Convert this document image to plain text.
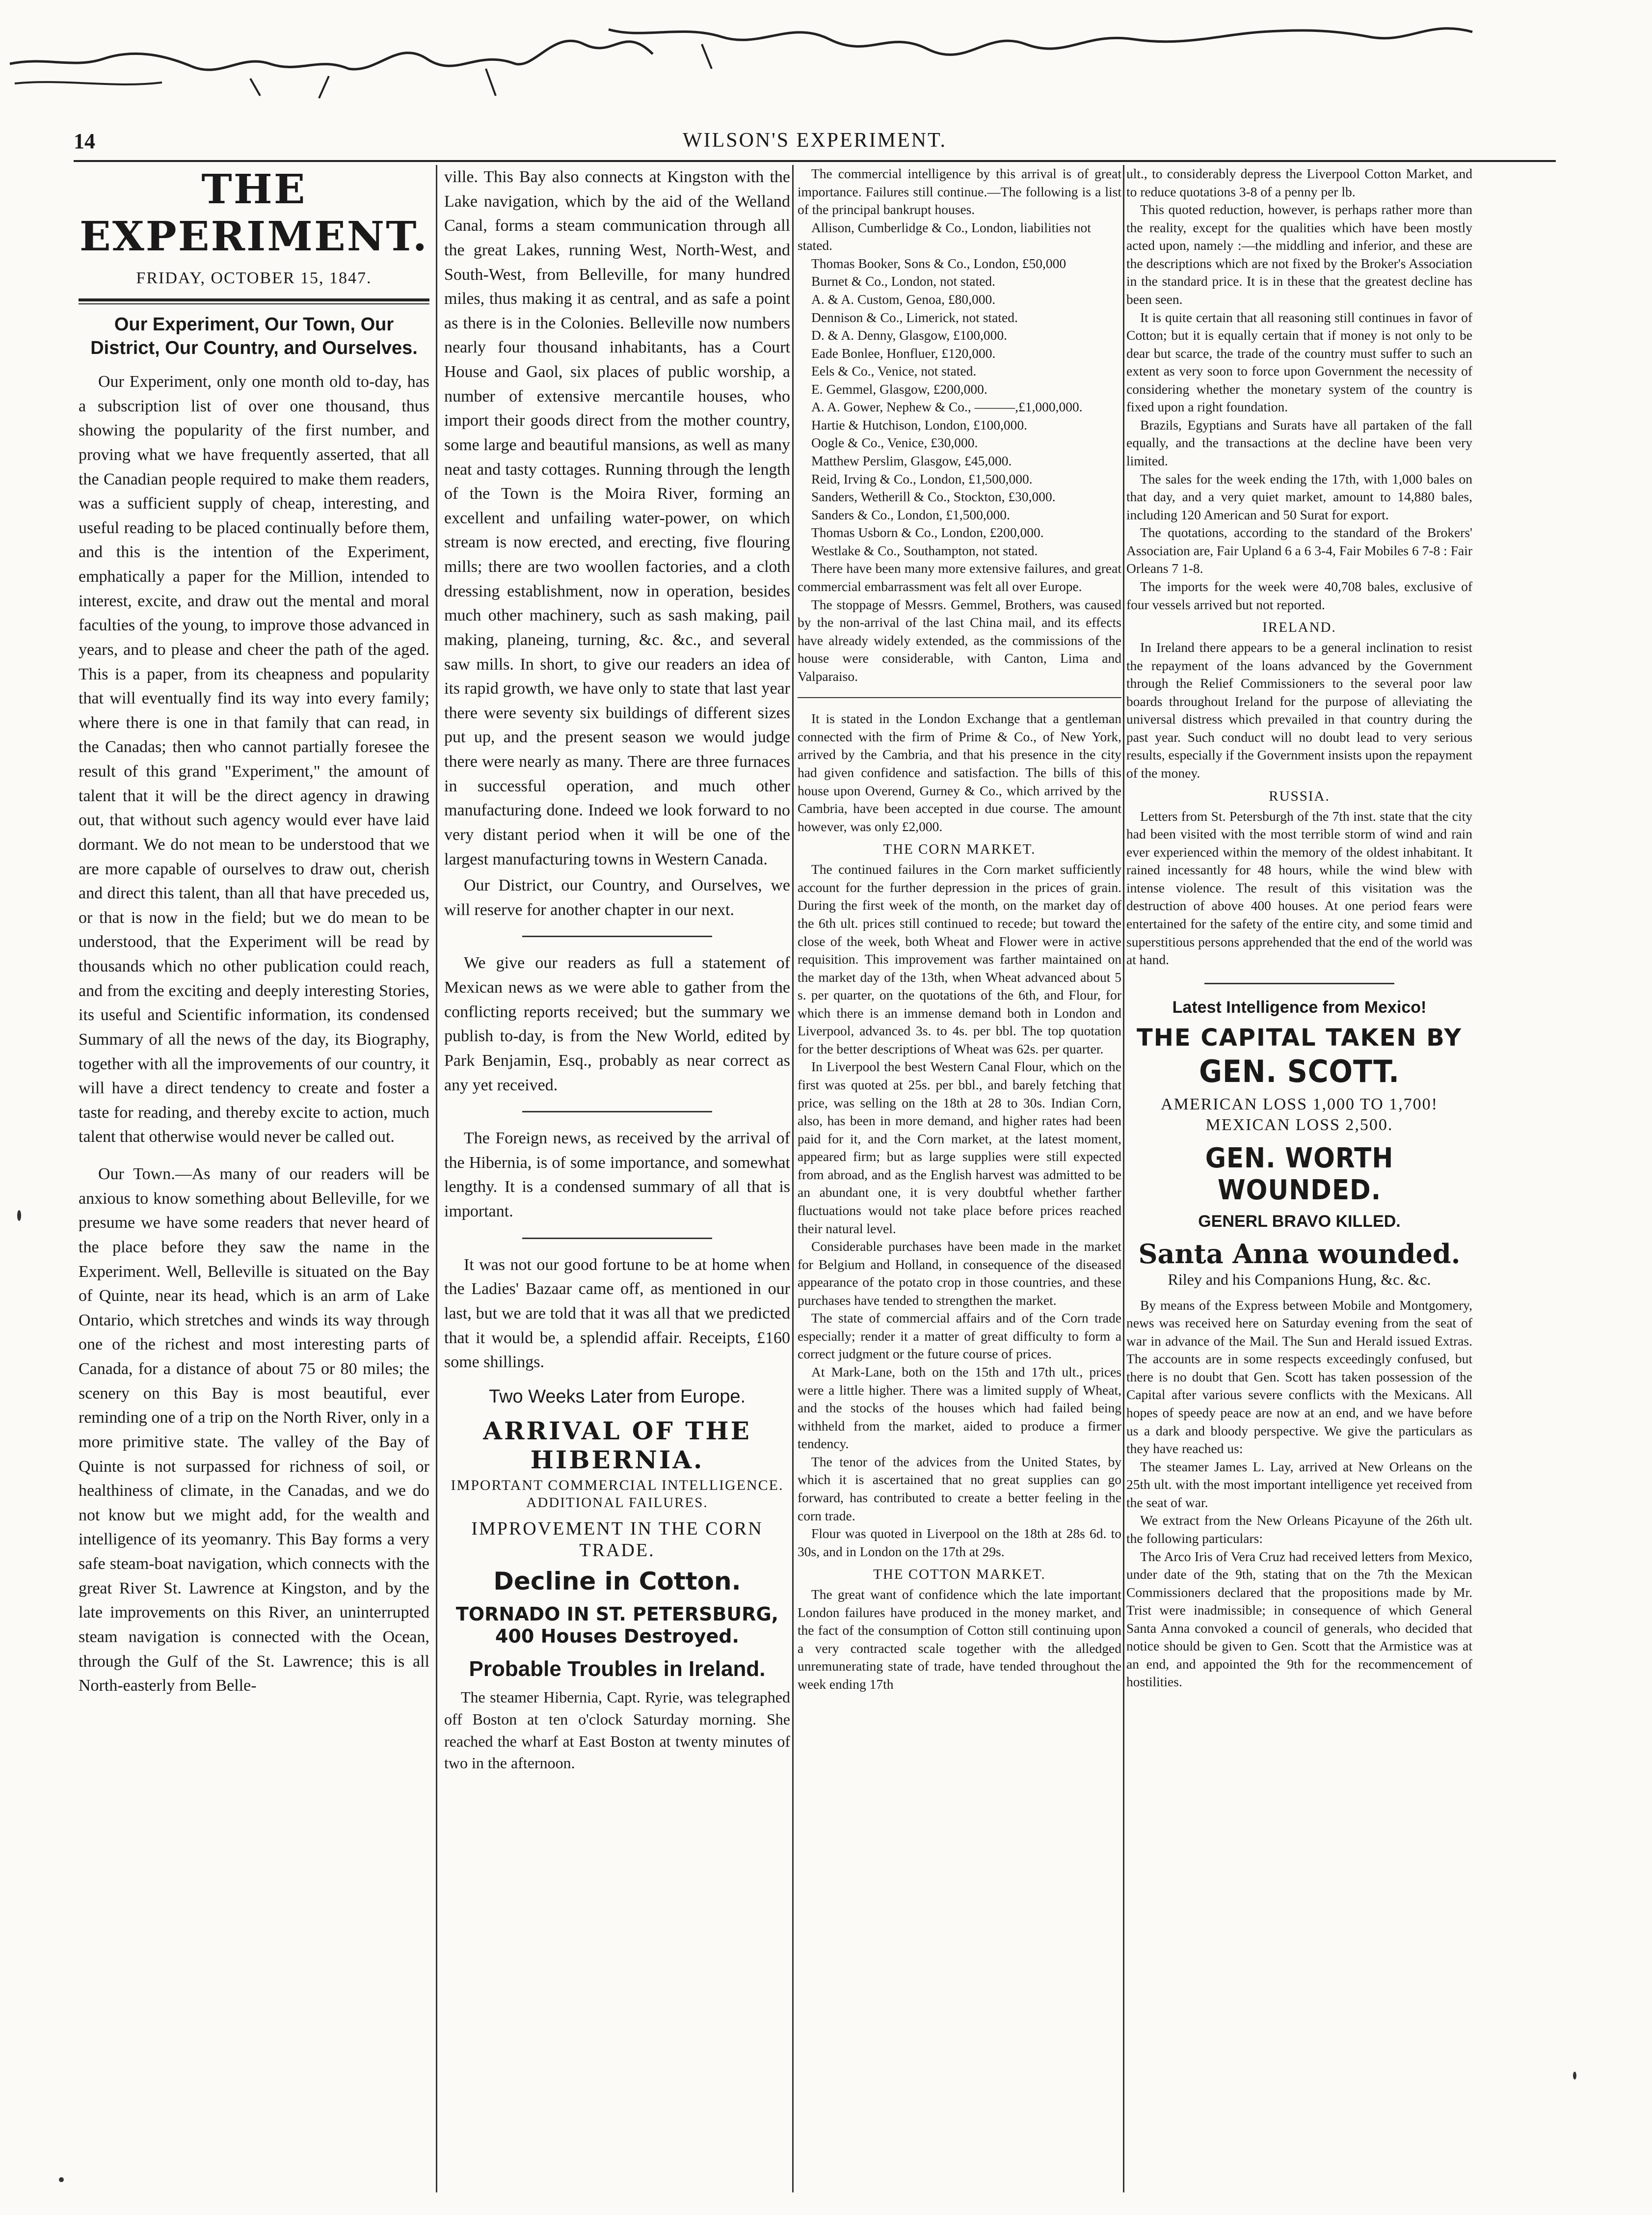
14	WILSON'S EXPERIMENT.
THE EXPERIMENT.
FRIDAY, OCTOBER 15, 1847.
Our Experiment, Our Town, Our District, Our Country, and Ourselves.

Our Experiment, only one month old to-day, has a subscription list of over one thousand, thus showing the popularity of the first number, and proving what we have frequently asserted, that all the Canadian people required to make them readers, was a sufficient supply of cheap, interesting, and useful reading to be placed continually before them, and this is the intention of the Experiment, emphatically a paper for the Million, intended to interest, excite, and draw out the mental and moral faculties of the young, to improve those advanced in years, and to please and cheer the path of the aged. This is a paper, from its cheapness and popularity that will eventually find its way into every family; where there is one in that family that can read, in the Canadas; then who cannot partially foresee the result of this grand "Experiment," the amount of talent that it will be the direct agency in drawing out, that without such agency would ever have laid dormant. We do not mean to be understood that we are more capable of ourselves to draw out, cherish and direct this talent, than all that have preceded us, or that is now in the field; but we do mean to be understood, that the Experiment will be read by thousands which no other publication could reach, and from the exciting and deeply interesting Stories, its useful and Scientific information, its condensed Summary of all the news of the day, its Biography, together with all the improvements of our country, it will have a direct tendency to create and foster a taste for reading, and thereby excite to action, much talent that otherwise would never be called out.

Our Town.—As many of our readers will be anxious to know something about Belleville, for we presume we have some readers that never heard of the place before they saw the name in the Experiment. Well, Belleville is situated on the Bay of Quinte, near its head, which is an arm of Lake Ontario, which stretches and winds its way through one of the richest and most interesting parts of Canada, for a distance of about 75 or 80 miles; the scenery on this Bay is most beautiful, ever reminding one of a trip on the North River, only in a more primitive state. The valley of the Bay of Quinte is not surpassed for richness of soil, or healthiness of climate, in the Canadas, and we do not know but we might add, for the wealth and intelligence of its yeomanry. This Bay forms a very safe steam-boat navigation, which connects with the great River St. Lawrence at Kingston, and by the late improvements on this River, an uninterrupted steam navigation is connected with the Ocean, through the Gulf of the St. Lawrence; this is all North-easterly from Belle-

ville. This Bay also connects at Kingston with the Lake navigation, which by the aid of the Welland Canal, forms a steam communication through all the great Lakes, running West, North-West, and South-West, from Belleville, for many hundred miles, thus making it as central, and as safe a point as there is in the Colonies. Belleville now numbers nearly four thousand inhabitants, has a Court House and Gaol, six places of public worship, a number of extensive mercantile houses, who import their goods direct from the mother country, some large and beautiful mansions, as well as many neat and tasty cottages. Running through the length of the Town is the Moira River, forming an excellent and unfailing water-power, on which stream is now erected, and erecting, five flouring mills; there are two woollen factories, and a cloth dressing establishment, now in operation, besides much other machinery, such as sash making, pail making, planeing, turning, &c. &c., and several saw mills. In short, to give our readers an idea of its rapid growth, we have only to state that last year there were seventy six buildings of different sizes put up, and the present season we would judge there were nearly as many. There are three furnaces in successful operation, and much other manufacturing done. Indeed we look forward to no very distant period when it will be one of the largest manufacturing towns in Western Canada.

Our District, our Country, and Ourselves, we will reserve for another chapter in our next.

We give our readers as full a statement of Mexican news as we were able to gather from the conflicting reports received; but the summary we publish to-day, is from the New World, edited by Park Benjamin, Esq., probably as near correct as any yet received.

The Foreign news, as received by the arrival of the Hibernia, is of some importance, and somewhat lengthy. It is a condensed summary of all that is important.

It was not our good fortune to be at home when the Ladies' Bazaar came off, as mentioned in our last, but we are told that it was all that we predicted that it would be, a splendid affair. Receipts, £160 some shillings.

Two Weeks Later from Europe.
ARRIVAL OF THE HIBERNIA.
IMPORTANT COMMERCIAL INTELLIGENCE.
ADDITIONAL FAILURES.
IMPROVEMENT IN THE CORN TRADE.
Decline in Cotton.
TORNADO IN ST. PETERSBURG, 400 Houses Destroyed.
Probable Troubles in Ireland.

The steamer Hibernia, Capt. Ryrie, was telegraphed off Boston at ten o'clock Saturday morning. She reached the wharf at East Boston at twenty minutes of two in the afternoon.

The commercial intelligence by this arrival is of great importance. Failures still continue.—The following is a list of the principal bankrupt houses.

Allison, Cumberlidge & Co., London, liabilities not stated.
Thomas Booker, Sons & Co., London, £50,000
Burnet & Co., London, not stated.
A. & A. Custom, Genoa, £80,000.
Dennison & Co., Limerick, not stated.
D. & A. Denny, Glasgow, £100,000.
Eade Bonlee, Honfluer, £120,000.
Eels & Co., Venice, not stated.
E. Gemmel, Glasgow, £200,000.
A. A. Gower, Nephew & Co., ———,£1,000,000.
Hartie & Hutchison, London, £100,000.
Oogle & Co., Venice, £30,000.
Matthew Perslim, Glasgow, £45,000.
Reid, Irving & Co., London, £1,500,000.
Sanders, Wetherill & Co., Stockton, £30,000.
Sanders & Co., London, £1,500,000.
Thomas Usborn & Co., London, £200,000.
Westlake & Co., Southampton, not stated.

There have been many more extensive failures, and great commercial embarrassment was felt all over Europe.

The stoppage of Messrs. Gemmel, Brothers, was caused by the non-arrival of the last China mail, and its effects have already widely extended, as the commissions of the house were considerable, with Canton, Lima and Valparaiso.

It is stated in the London Exchange that a gentleman connected with the firm of Prime & Co., of New York, arrived by the Cambria, and that his presence in the city had given confidence and satisfaction. The bills of this house upon Overend, Gurney & Co., which arrived by the Cambria, have been accepted in due course. The amount however, was only £2,000.

THE CORN MARKET.

The continued failures in the Corn market sufficiently account for the further depression in the prices of grain. During the first week of the month, on the market day of the 6th ult. prices still continued to recede; but toward the close of the week, both Wheat and Flower were in active requisition. This improvement was farther maintained on the market day of the 13th, when Wheat advanced about 5 s. per quarter, on the quotations of the 6th, and Flour, for which there is an immense demand both in London and Liverpool, advanced 3s. to 4s. per bbl. The top quotation for the better descriptions of Wheat was 62s. per quarter.

In Liverpool the best Western Canal Flour, which on the first was quoted at 25s. per bbl., and barely fetching that price, was selling on the 18th at 28 to 30s. Indian Corn, also, has been in more demand, and higher rates had been paid for it, and the Corn market, at the latest moment, appeared firm; but as large supplies were still expected from abroad, and as the English harvest was admitted to be an abundant one, it is very doubtful whether farther fluctuations would not take place before prices reached their natural level.

Considerable purchases have been made in the market for Belgium and Holland, in consequence of the diseased appearance of the potato crop in those countries, and these purchases have tended to strengthen the market.

The state of commercial affairs and of the Corn trade especially; render it a matter of great difficulty to form a correct judgment or the future course of prices.

At Mark-Lane, both on the 15th and 17th ult., prices were a little higher. There was a limited supply of Wheat, and the stocks of the houses which had failed being withheld from the market, aided to produce a firmer tendency.

The tenor of the advices from the United States, by which it is ascertained that no great supplies can go forward, has contributed to create a better feeling in the corn trade.

Flour was quoted in Liverpool on the 18th at 28s 6d. to 30s, and in London on the 17th at 29s.

THE COTTON MARKET.

The great want of confidence which the late important London failures have produced in the money market, and the fact of the consumption of Cotton still continuing upon a very contracted scale together with the alledged unremunerating state of trade, have tended throughout the week ending 17th

ult., to considerably depress the Liverpool Cotton Market, and to reduce quotations 3-8 of a penny per lb.

This quoted reduction, however, is perhaps rather more than the reality, except for the qualities which have been mostly acted upon, namely :—the middling and inferior, and these are the descriptions which are not fixed by the Broker's Association in the standard price. It is in these that the greatest decline has been seen.

It is quite certain that all reasoning still continues in favor of Cotton; but it is equally certain that if money is not only to be dear but scarce, the trade of the country must suffer to such an extent as very soon to force upon Government the necessity of considering whether the monetary system of the country is fixed upon a right foundation.

Brazils, Egyptians and Surats have all partaken of the fall equally, and the transactions at the decline have been very limited.

The sales for the week ending the 17th, with 1,000 bales on that day, and a very quiet market, amount to 14,880 bales, including 120 American and 50 Surat for export.

The quotations, according to the standard of the Brokers' Association are, Fair Upland 6 a 6 3-4, Fair Mobiles 6 7-8 : Fair Orleans 7 1-8.

The imports for the week were 40,708 bales, exclusive of four vessels arrived but not reported.

IRELAND.

In Ireland there appears to be a general inclination to resist the repayment of the loans advanced by the Government through the Relief Commissioners to the several poor law boards throughout Ireland for the purpose of alleviating the universal distress which prevailed in that country during the past year. Such conduct will no doubt lead to very serious results, especially if the Government insists upon the repayment of the money.

RUSSIA.

Letters from St. Petersburgh of the 7th inst. state that the city had been visited with the most terrible storm of wind and rain ever experienced within the memory of the oldest inhabitant. It rained incessantly for 48 hours, while the wind blew with intense violence. The result of this visitation was the destruction of above 400 houses. At one period fears were entertained for the safety of the entire city, and some timid and superstitious persons apprehended that the end of the world was at hand.

Latest Intelligence from Mexico!
THE CAPITAL TAKEN BY
GEN. SCOTT.
AMERICAN LOSS 1,000 TO 1,700!
MEXICAN LOSS 2,500.
GEN. WORTH WOUNDED.
GENERL BRAVO KILLED.
Santa Anna wounded.
Riley and his Companions Hung, &c. &c.

By means of the Express between Mobile and Montgomery, news was received here on Saturday evening from the seat of war in advance of the Mail. The Sun and Herald issued Extras. The accounts are in some respects exceedingly confused, but there is no doubt that Gen. Scott has taken possession of the Capital after various severe conflicts with the Mexicans. All hopes of speedy peace are now at an end, and we have before us a dark and bloody perspective. We give the particulars as they have reached us:

The steamer James L. Lay, arrived at New Orleans on the 25th ult. with the most important intelligence yet received from the seat of war.

We extract from the New Orleans Picayune of the 26th ult. the following particulars:

The Arco Iris of Vera Cruz had received letters from Mexico, under date of the 9th, stating that on the 7th the Mexican Commissioners declared that the propositions made by Mr. Trist were inadmissible; in consequence of which General Santa Anna convoked a council of generals, who decided that notice should be given to Gen. Scott that the Armistice was at an end, and appointed the 9th for the recommencement of hostilities.
